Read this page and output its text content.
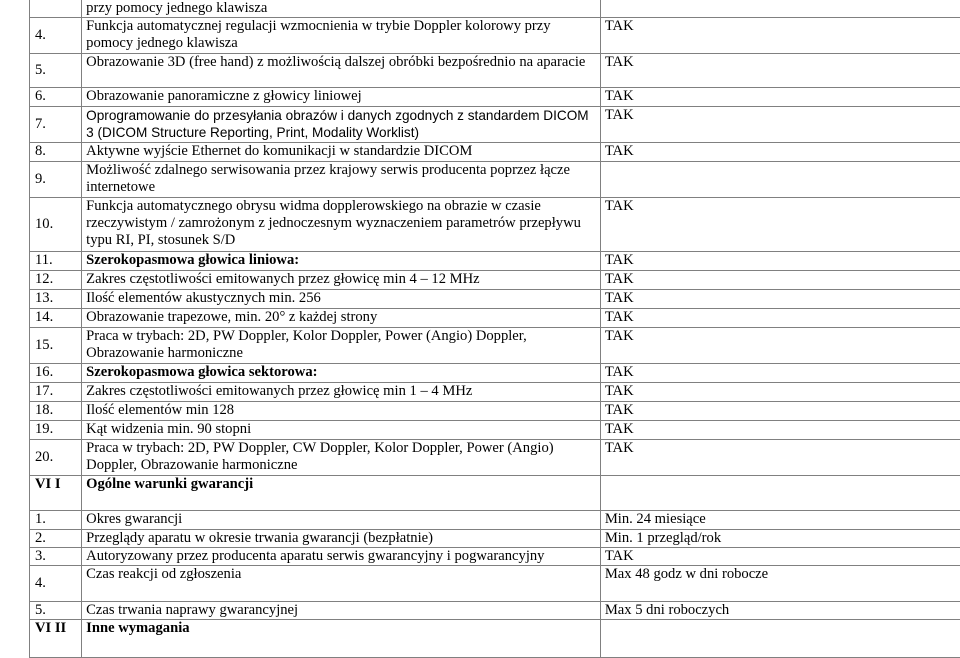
	przy pomocy jednego klawisza	
4.	Funkcja automatycznej regulacji wzmocnienia w trybie Doppler kolorowy przy pomocy jednego klawisza	TAK
5.	Obrazowanie 3D (free hand) z możliwością dalszej obróbki bezpośrednio na aparacie	TAK
6.	Obrazowanie panoramiczne z głowicy liniowej	TAK
7.	Oprogramowanie do przesyłania obrazów i danych zgodnych z standardem DICOM 3 (DICOM Structure Reporting, Print, Modality Worklist)	TAK
8.	Aktywne wyjście Ethernet do komunikacji w standardzie DICOM	TAK
9.	Możliwość zdalnego serwisowania przez krajowy serwis producenta poprzez łącze internetowe	
10.	Funkcja automatycznego obrysu widma dopplerowskiego na obrazie w czasie rzeczywistym / zamrożonym z jednoczesnym wyznaczeniem parametrów przepływu typu RI, PI, stosunek S/D	TAK
11.	Szerokopasmowa głowica liniowa:	TAK
12.	Zakres częstotliwości emitowanych przez głowicę min 4 – 12 MHz	TAK
13.	Ilość elementów akustycznych min. 256	TAK
14.	Obrazowanie trapezowe, min. 20° z każdej strony	TAK
15.	Praca w trybach: 2D, PW Doppler, Kolor Doppler, Power (Angio) Doppler, Obrazowanie harmoniczne	TAK
16.	Szerokopasmowa głowica sektorowa:	TAK
17.	Zakres częstotliwości emitowanych przez głowicę min 1 – 4 MHz	TAK
18.	Ilość elementów min 128	TAK
19.	Kąt widzenia min. 90 stopni	TAK
20.	Praca w trybach: 2D, PW Doppler, CW Doppler, Kolor Doppler, Power (Angio) Doppler, Obrazowanie harmoniczne	TAK
VI I	Ogólne warunki gwarancji	
1.	Okres gwarancji	Min. 24 miesiące
2.	Przeglądy aparatu w okresie trwania gwarancji (bezpłatnie)	Min. 1 przegląd/rok
3.	Autoryzowany przez producenta aparatu serwis gwarancyjny i pogwarancyjny	TAK
4.	Czas reakcji od zgłoszenia	Max 48 godz w dni robocze
5.	Czas trwania naprawy gwarancyjnej	Max 5 dni roboczych
VI II	Inne wymagania	
